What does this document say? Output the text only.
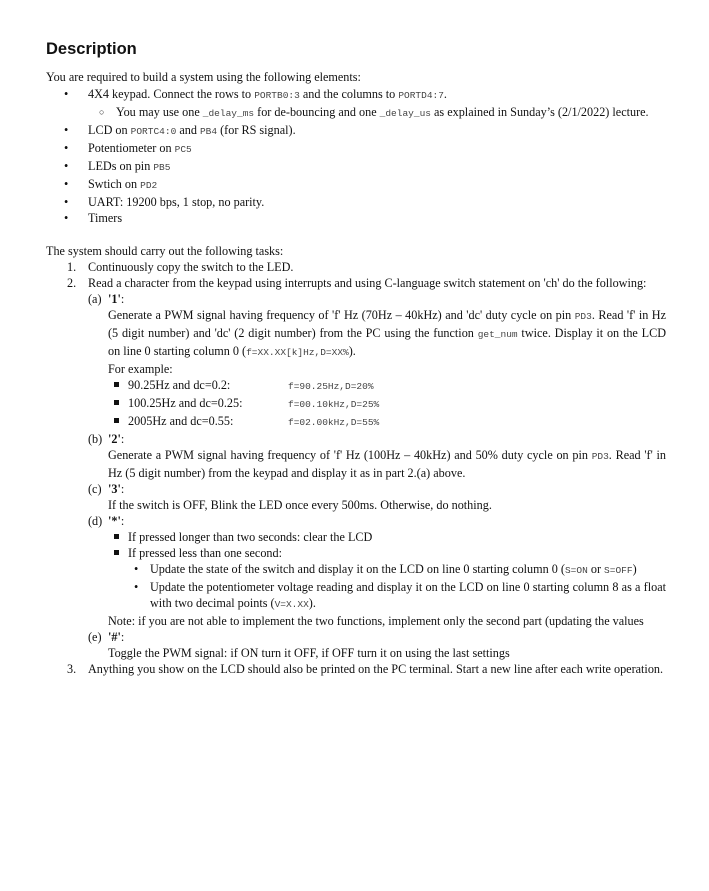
Description

You are required to build a system using the following elements:

• 4X4 keypad. Connect the rows to PORTB0:3 and the columns to PORTD4:7.
○ You may use one _delay_ms for de-bouncing and one _delay_us as explained in Sunday’s (2/1/2022) lecture.
• LCD on PORTC4:0 and PB4 (for RS signal).
• Potentiometer on PC5
• LEDs on pin PB5
• Swtich on PD2
• UART: 19200 bps, 1 stop, no parity.
• Timers

The system should carry out the following tasks:

1. Continuously copy the switch to the LED.
2. Read a character from the keypad using interrupts and using C-language switch statement on 'ch' do the following:
(a) '1':
Generate a PWM signal having frequency of 'f' Hz (70Hz – 40kHz) and 'dc' duty cycle on pin PD3. Read 'f' in Hz (5 digit number) and 'dc' (2 digit number) from the PC using the function get_num twice. Display it on the LCD on line 0 starting column 0 (f=XX.XX[k]Hz,D=XX%).
For example:
90.25Hz and dc=0.2:	f=90.25Hz,D=20%
100.25Hz and dc=0.25:	f=00.10kHz,D=25%
2005Hz and dc=0.55:	f=02.00kHz,D=55%
(b) '2':
Generate a PWM signal having frequency of 'f' Hz (100Hz – 40kHz) and 50% duty cycle on pin PD3. Read 'f' in Hz (5 digit number) from the keypad and display it as in part 2.(a) above.
(c) '3':
If the switch is OFF, Blink the LED once every 500ms. Otherwise, do nothing.
(d) '*':
If pressed longer than two seconds: clear the LCD
If pressed less than one second:
• Update the state of the switch and display it on the LCD on line 0 starting column 0 (S=ON or S=OFF)
• Update the potentiometer voltage reading and display it on the LCD on line 0 starting column 8 as a float with two decimal points (V=X.XX).
Note: if you are not able to implement the two functions, implement only the second part (updating the values
(e) '#':
Toggle the PWM signal: if ON turn it OFF, if OFF turn it on using the last settings
3. Anything you show on the LCD should also be printed on the PC terminal. Start a new line after each write operation.
